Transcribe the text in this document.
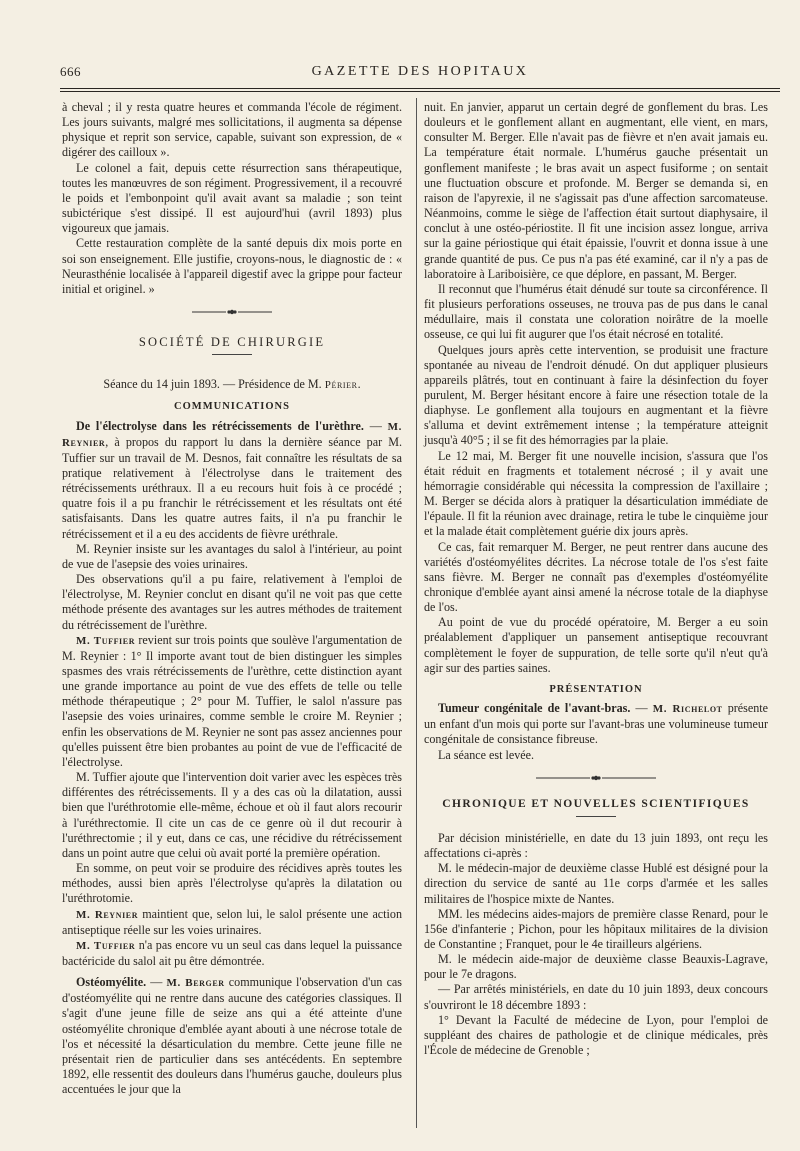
666	GAZETTE DES HOPITAUX

à cheval ; il y resta quatre heures et commanda l'école de régiment. Les jours suivants, malgré mes sollicitations, il augmenta sa dépense physique et reprit son service, capable, suivant son expression, de « digérer des cailloux ».

Le colonel a fait, depuis cette résurrection sans thérapeutique, toutes les manœuvres de son régiment. Progressivement, il a recouvré le poids et l'embonpoint qu'il avait avant sa maladie ; son teint subictérique s'est dissipé. Il est aujourd'hui (avril 1893) plus vigoureux que jamais.

Cette restauration complète de la santé depuis dix mois porte en soi son enseignement. Elle justifie, croyons-nous, le diagnostic de : « Neurasthénie localisée à l'appareil digestif avec la grippe pour facteur initial et originel. »

SOCIÉTÉ DE CHIRURGIE
Séance du 14 juin 1893. — Présidence de M. Périer.
COMMUNICATIONS

De l'électrolyse dans les rétrécissements de l'urèthre. — M. Reynier, à propos du rapport lu dans la dernière séance par M. Tuffier sur un travail de M. Desnos, fait connaître les résultats de sa pratique relativement à l'électrolyse dans le traitement des rétrécissements uréthraux. Il a eu recours huit fois à ce procédé ; quatre fois il a pu franchir le rétrécissement et les résultats ont été satisfaisants. Dans les quatre autres faits, il n'a pu franchir le rétrécissement et il a eu des accidents de fièvre uréthrale.

M. Reynier insiste sur les avantages du salol à l'intérieur, au point de vue de l'asepsie des voies urinaires.

Des observations qu'il a pu faire, relativement à l'emploi de l'électrolyse, M. Reynier conclut en disant qu'il ne voit pas que cette méthode présente des avantages sur les autres méthodes de traitement du rétrécissement de l'urèthre.

M. Tuffier revient sur trois points que soulève l'argumentation de M. Reynier : 1° Il importe avant tout de bien distinguer les simples spasmes des vrais rétrécissements de l'urèthre, cette distinction ayant une grande importance au point de vue des effets de telle ou telle méthode thérapeutique ; 2° pour M. Tuffier, le salol n'assure pas l'asepsie des voies urinaires, comme semble le croire M. Reynier ; enfin les observations de M. Reynier ne sont pas assez anciennes pour qu'elles puissent être bien probantes au point de vue de l'efficacité de l'électrolyse.

M. Tuffier ajoute que l'intervention doit varier avec les espèces très différentes des rétrécissements. Il y a des cas où la dilatation, aussi bien que l'uréthrotomie elle-même, échoue et où il faut alors recourir à l'uréthrectomie. Il cite un cas de ce genre où il dut recourir à l'uréthrectomie ; il y eut, dans ce cas, une récidive du rétrécissement dans un point autre que celui où avait porté la première opération.

En somme, on peut voir se produire des récidives après toutes les méthodes, aussi bien après l'électrolyse qu'après la dilatation ou l'uréthrotomie.

M. Reynier maintient que, selon lui, le salol présente une action antiseptique réelle sur les voies urinaires.

M. Tuffier n'a pas encore vu un seul cas dans lequel la puissance bactéricide du salol ait pu être démontrée.

Ostéomyélite. — M. Berger communique l'observation d'un cas d'ostéomyélite qui ne rentre dans aucune des catégories classiques. Il s'agit d'une jeune fille de seize ans qui a été atteinte d'une ostéomyélite chronique d'emblée ayant abouti à une nécrose totale de l'os et nécessité la désarticulation du membre. Cette jeune fille ne présentait rien de particulier dans ses antécédents. En septembre 1892, elle ressentit des douleurs dans l'humérus gauche, douleurs plus accentuées le jour que la

nuit. En janvier, apparut un certain degré de gonflement du bras. Les douleurs et le gonflement allant en augmentant, elle vient, en mars, consulter M. Berger. Elle n'avait pas de fièvre et n'en avait jamais eu. La température était normale. L'humérus gauche présentait un gonflement manifeste ; le bras avait un aspect fusiforme ; on sentait une fluctuation obscure et profonde. M. Berger se demanda si, en raison de l'apyrexie, il ne s'agissait pas d'une affection sarcomateuse. Néanmoins, comme le siège de l'affection était surtout diaphysaire, il conclut à une ostéo-périostite. Il fit une incision assez longue, arriva sur la gaine périostique qui était épaissie, l'ouvrit et donna issue à une grande quantité de pus. Ce pus n'a pas été examiné, car il n'y a pas de laboratoire à Lariboisière, ce que déplore, en passant, M. Berger.

Il reconnut que l'humérus était dénudé sur toute sa circonférence. Il fit plusieurs perforations osseuses, ne trouva pas de pus dans le canal médullaire, mais il constata une coloration noirâtre de la moelle osseuse, ce qui lui fit augurer que l'os était nécrosé en totalité.

Quelques jours après cette intervention, se produisit une fracture spontanée au niveau de l'endroit dénudé. On dut appliquer plusieurs appareils plâtrés, tout en continuant à faire la désinfection du foyer purulent, M. Berger hésitant encore à faire une résection totale de la diaphyse. Le gonflement alla toujours en augmentant et la fièvre s'alluma et devint extrêmement intense ; la température atteignit jusqu'à 40°5 ; il se fit des hémorragies par la plaie.

Le 12 mai, M. Berger fit une nouvelle incision, s'assura que l'os était réduit en fragments et totalement nécrosé ; il y avait une hémorragie considérable qui nécessita la compression de l'axillaire ; M. Berger se décida alors à pratiquer la désarticulation immédiate de l'épaule. Il fit la réunion avec drainage, retira le tube le cinquième jour et la malade était complètement guérie dix jours après.

Ce cas, fait remarquer M. Berger, ne peut rentrer dans aucune des variétés d'ostéomyélites décrites. La nécrose totale de l'os s'est faite sans fièvre. M. Berger ne connaît pas d'exemples d'ostéomyélite chronique d'emblée ayant ainsi amené la nécrose totale de la diaphyse de l'os.

Au point de vue du procédé opératoire, M. Berger a eu soin préalablement d'appliquer un pansement antiseptique recouvrant complètement le foyer de suppuration, de telle sorte qu'il n'eut qu'à agir sur des parties saines.

PRÉSENTATION

Tumeur congénitale de l'avant-bras. — M. Richelot présente un enfant d'un mois qui porte sur l'avant-bras une volumineuse tumeur congénitale de consistance fibreuse.

La séance est levée.

CHRONIQUE ET NOUVELLES SCIENTIFIQUES

Par décision ministérielle, en date du 13 juin 1893, ont reçu les affectations ci-après :

M. le médecin-major de deuxième classe Hublé est désigné pour la direction du service de santé au 11e corps d'armée et les salles militaires de l'hospice mixte de Nantes.

MM. les médecins aides-majors de première classe Renard, pour le 156e d'infanterie ; Pichon, pour les hôpitaux militaires de la division de Constantine ; Franquet, pour le 4e tirailleurs algériens.

M. le médecin aide-major de deuxième classe Beauxis-Lagrave, pour le 7e dragons.

— Par arrêtés ministériels, en date du 10 juin 1893, deux concours s'ouvriront le 18 décembre 1893 :

1° Devant la Faculté de médecine de Lyon, pour l'emploi de suppléant des chaires de pathologie et de clinique médicales, près l'École de médecine de Grenoble ;
